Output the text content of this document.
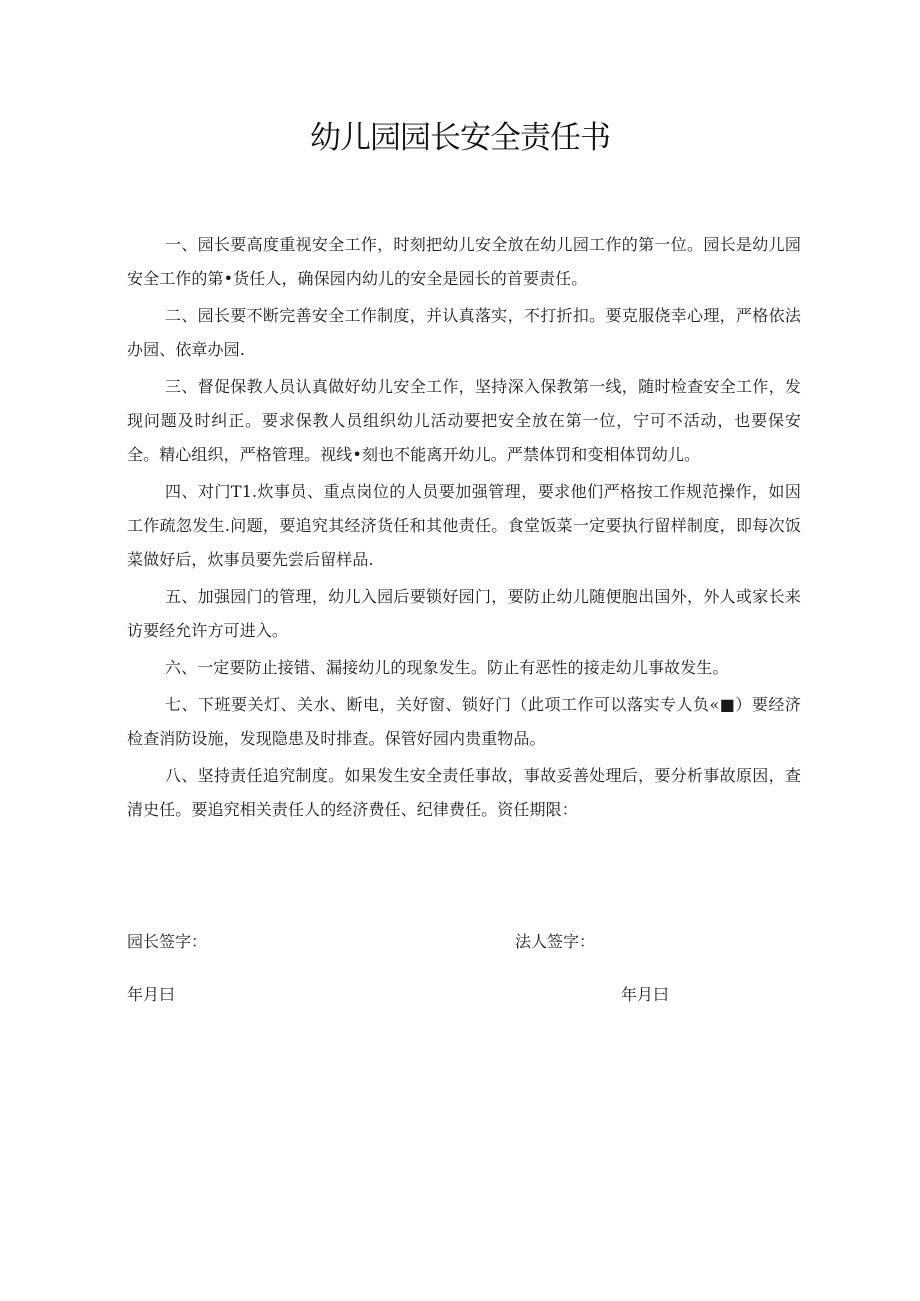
幼儿园园长安全责任书

一、园长要高度重视安全工作，时刻把幼儿安全放在幼儿园工作的第一位。园长是幼儿园安全工作的第•货任人，确保园内幼儿的安全是园长的首要责任。

二、园长要不断完善安全工作制度，并认真落实，不打折扣。要克服侥幸心理，严格依法办园、依章办园.

三、督促保教人员认真做好幼儿安全工作，坚持深入保教第一线，随时检查安全工作，发现问题及时纠正。要求保教人员组织幼儿活动要把安全放在第一位，宁可不活动，也要保安全。精心组织，严格管理。视线•刻也不能离开幼儿。严禁体罚和变相体罚幼儿。

四、对门T1.炊事员、重点岗位的人员要加强管理，要求他们严格按工作规范操作，如因工作疏忽发生.问题，要追究其经济货任和其他责任。食堂饭菜一定要执行留样制度，即每次饭菜做好后，炊事员要先尝后留样品.

五、加强园门的管理，幼儿入园后要锁好园门，要防止幼儿随便胞出国外，外人或家长来访要经允许方可进入。

六、一定要防止接错、漏接幼儿的现象发生。防止有恶性的接走幼儿事故发生。

七、下班要关灯、关水、断电，关好窗、锁好门（此项工作可以落实专人负«■）要经济检查消防设施，发现隐患及时排查。保管好园内贵重物品。

八、坚持责任追究制度。如果发生安全责任事故，事故妥善处理后，要分析事故原因，查清史任。要追究相关责任人的经济费任、纪律费任。资任期限：

园长签字：	法人签字：
年月曰	年月曰
